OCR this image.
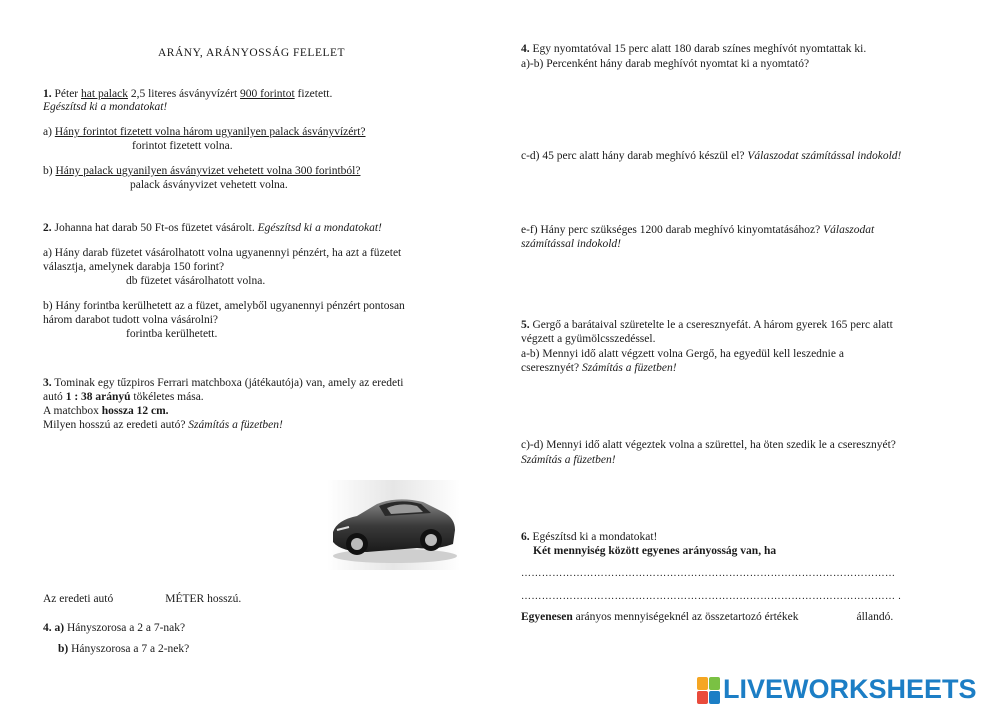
ARÁNY, ARÁNYOSSÁG FELELET
1. Péter hat palack 2,5 literes ásványvízért 900 forintot fizetett.
Egészítsd ki a mondatokat!
a) Hány forintot fizetett volna három ugyanilyen palack ásványvízért?
forintot fizetett volna.
b) Hány palack ugyanilyen ásványvizet vehetett volna 300 forintból?
palack ásványvizet vehetett volna.
2. Johanna hat darab 50 Ft-os füzetet vásárolt. Egészítsd ki a mondatokat!
a) Hány darab füzetet vásárolhatott volna ugyanennyi pénzért, ha azt a füzetet
választja, amelynek darabja 150 forint?
db füzetet vásárolhatott volna.
b) Hány forintba kerülhetett az a füzet, amelyből ugyanennyi pénzért pontosan
három darabot tudott volna vásárolni?
forintba kerülhetett.
3. Tominak egy tűzpiros Ferrari matchboxa (játékautója) van, amely az eredeti
autó 1 : 38 arányú tökéletes mása.
A matchbox hossza 12 cm.
Milyen hosszú az eredeti autó? Számítás a füzetben!
Az eredeti autó	MÉTER hosszú.
4. a) Hányszorosa a 2 a 7-nak?
b) Hányszorosa a 7 a 2-nek?
4. Egy nyomtatóval 15 perc alatt 180 darab színes meghívót nyomtattak ki.
a)-b) Percenként hány darab meghívót nyomtat ki a nyomtató?
c-d) 45 perc alatt hány darab meghívó készül el? Válaszodat számítással indokold!
e-f) Hány perc szükséges 1200 darab meghívó kinyomtatásához? Válaszodat
számítással indokold!
5. Gergő a barátaival szüretelte le a cseresznyefát. A három gyerek 165 perc alatt
végzett a gyümölcsszedéssel.
a-b) Mennyi idő alatt végzett volna Gergő, ha egyedül kell leszednie a
cseresznyét? Számítás a füzetben!
c)-d) Mennyi idő alatt végeztek volna a szürettel, ha öten szedik le a cseresznyét?
Számítás a füzetben!
6. Egészítsd ki a mondatokat!
Két mennyiség között egyenes arányosság van, ha
………………………………………………………………………………………………
……………………………………………………………………………………………… .
Egyenesen arányos mennyiségeknél az összetartozó értékek	állandó.
LIVEWORKSHEETS
